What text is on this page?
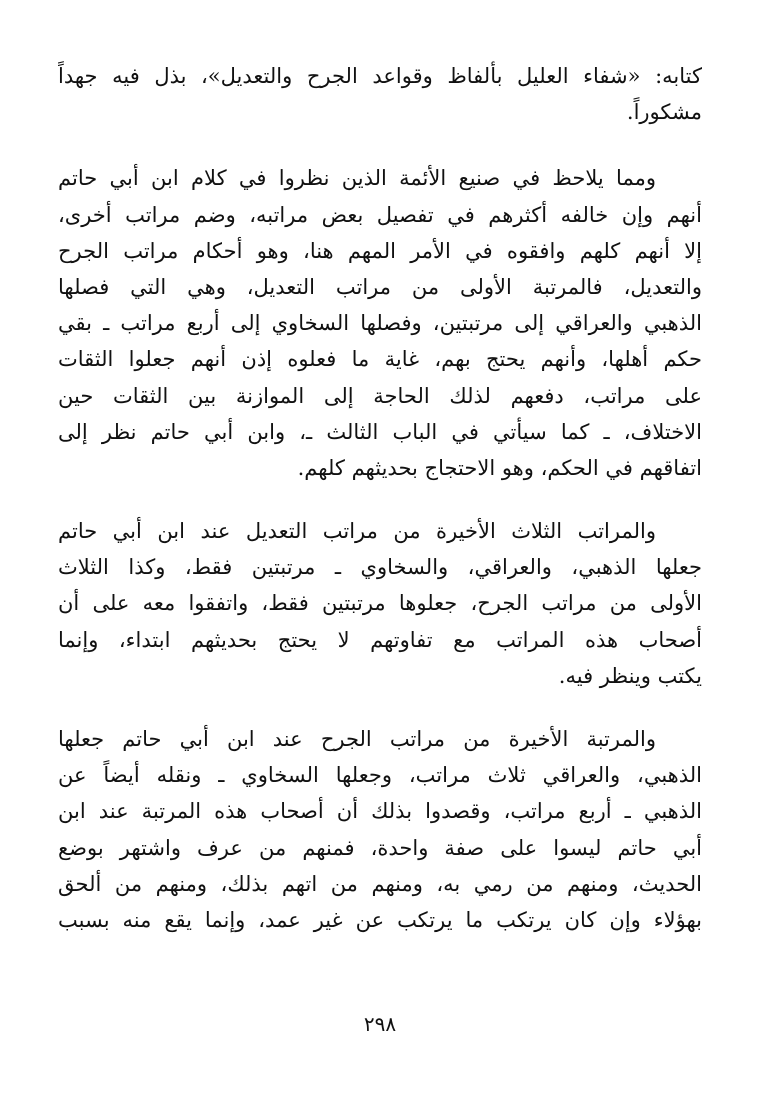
كتابه: «شفاء العليل بألفاظ وقواعد الجرح والتعديل»، بذل فيه جهداً
مشكوراً.

ومما يلاحظ في صنيع الأئمة الذين نظروا في كلام ابن أبي حاتم
أنهم وإن خالفه أكثرهم في تفصيل بعض مراتبه، وضم مراتب أخرى،
إلا أنهم كلهم وافقوه في الأمر المهم هنا، وهو أحكام مراتب الجرح
والتعديل، فالمرتبة الأولى من مراتب التعديل، وهي التي فصلها
الذهبي والعراقي إلى مرتبتين، وفصلها السخاوي إلى أربع مراتب ـ بقي
حكم أهلها، وأنهم يحتج بهم، غاية ما فعلوه إذن أنهم جعلوا الثقات
على مراتب، دفعهم لذلك الحاجة إلى الموازنة بين الثقات حين
الاختلاف، ـ كما سيأتي في الباب الثالث ـ، وابن أبي حاتم نظر إلى
اتفاقهم في الحكم، وهو الاحتجاج بحديثهم كلهم.

والمراتب الثلاث الأخيرة من مراتب التعديل عند ابن أبي حاتم
جعلها الذهبي، والعراقي، والسخاوي ـ مرتبتين فقط، وكذا الثلاث
الأولى من مراتب الجرح، جعلوها مرتبتين فقط، واتفقوا معه على أن
أصحاب هذه المراتب مع تفاوتهم لا يحتج بحديثهم ابتداء، وإنما
يكتب وينظر فيه.

والمرتبة الأخيرة من مراتب الجرح عند ابن أبي حاتم جعلها
الذهبي، والعراقي ثلاث مراتب، وجعلها السخاوي ـ ونقله أيضاً عن
الذهبي ـ أربع مراتب، وقصدوا بذلك أن أصحاب هذه المرتبة عند ابن
أبي حاتم ليسوا على صفة واحدة، فمنهم من عرف واشتهر بوضع
الحديث، ومنهم من رمي به، ومنهم من اتهم بذلك، ومنهم من ألحق
بهؤلاء وإن كان يرتكب ما يرتكب عن غير عمد، وإنما يقع منه بسبب

٢٩٨
